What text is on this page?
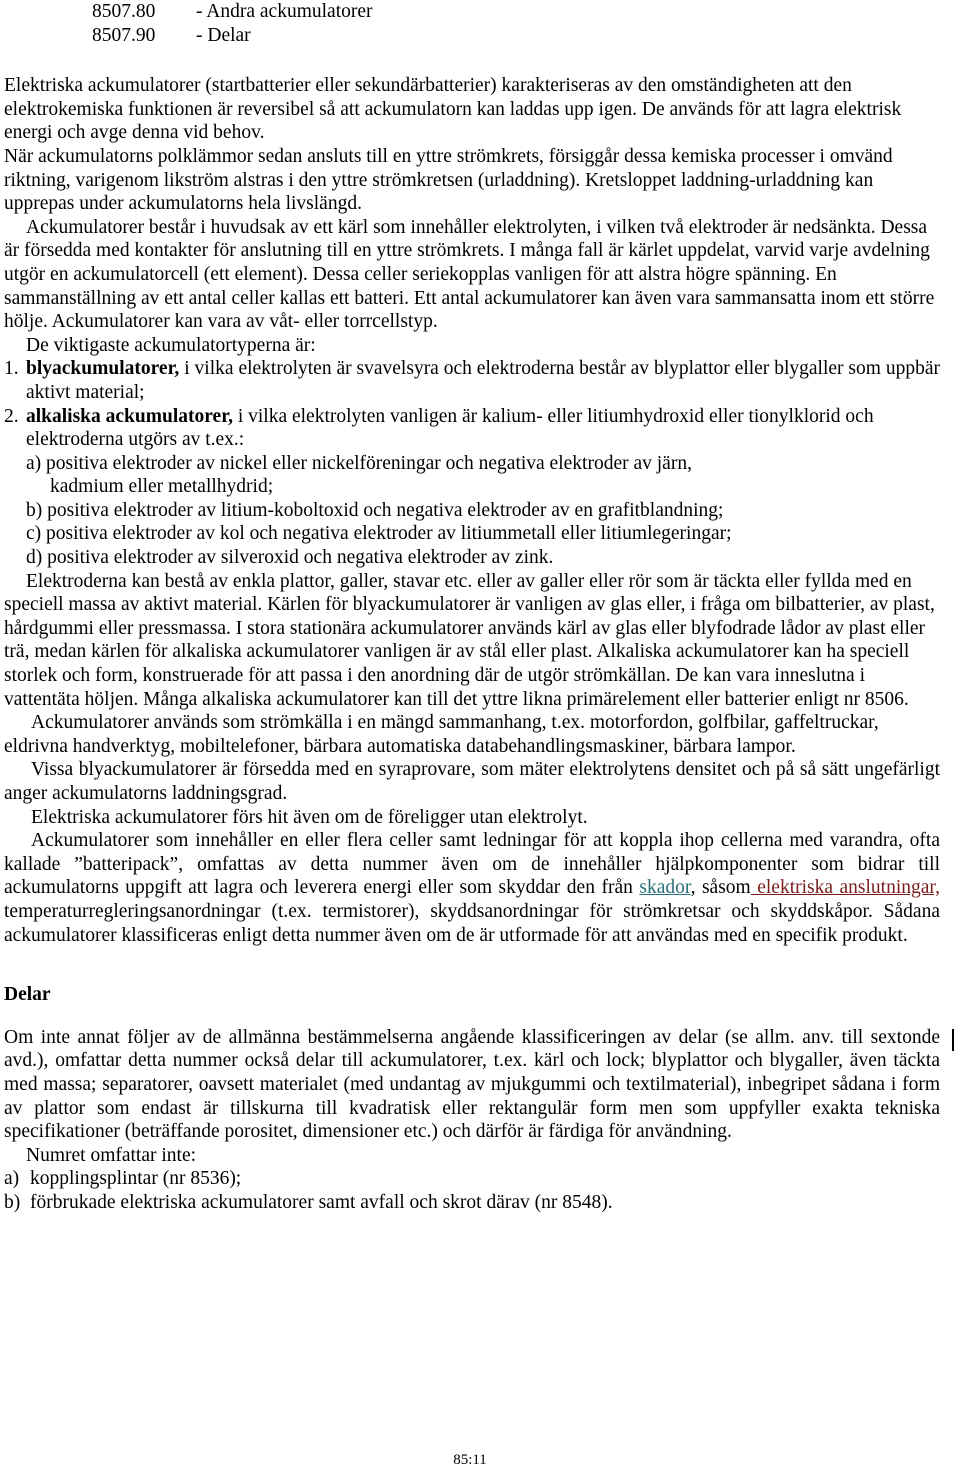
8507.80	- Andra ackumulatorer
8507.90	- Delar

Elektriska ackumulatorer (startbatterier eller sekundärbatterier) karakteriseras av den omständigheten att den elektrokemiska funktionen är reversibel så att ackumulatorn kan laddas upp igen. De används för att lagra elektrisk energi och avge denna vid behov.

När ackumulatorns polklämmor sedan ansluts till en yttre strömkrets, försiggår dessa kemiska processer i omvänd riktning, varigenom likström alstras i den yttre strömkretsen (urladdning). Kretsloppet laddning-urladdning kan upprepas under ackumulatorns hela livslängd.

Ackumulatorer består i huvudsak av ett kärl som innehåller elektrolyten, i vilken två elektroder är nedsänkta. Dessa är försedda med kontakter för anslutning till en yttre strömkrets. I många fall är kärlet uppdelat, varvid varje avdelning utgör en ackumulatorcell (ett element). Dessa celler seriekopplas vanligen för att alstra högre spänning. En sammanställning av ett antal celler kallas ett batteri. Ett antal ackumulatorer kan även vara sammansatta inom ett större hölje. Ackumulatorer kan vara av våt- eller torrcellstyp.

De viktigaste ackumulatortyperna är:

1. blyackumulatorer, i vilka elektrolyten är svavelsyra och elektroderna består av blyplattor eller blygaller som uppbär aktivt material;
2. alkaliska ackumulatorer, i vilka elektrolyten vanligen är kalium- eller litiumhydroxid eller tionylklorid och elektroderna utgörs av t.ex.:
a) positiva elektroder av nickel eller nickelföreningar och negativa elektroder av järn,
kadmium eller metallhydrid;
b) positiva elektroder av litium-koboltoxid och negativa elektroder av en grafitblandning;
c) positiva elektroder av kol och negativa elektroder av litiummetall eller litiumlegeringar;
d) positiva elektroder av silveroxid och negativa elektroder av zink.

Elektroderna kan bestå av enkla plattor, galler, stavar etc. eller av galler eller rör som är täckta eller fyllda med en speciell massa av aktivt material. Kärlen för blyackumulatorer är vanligen av glas eller, i fråga om bilbatterier, av plast, hårdgummi eller pressmassa. I stora stationära ackumulatorer används kärl av glas eller blyfodrade lådor av plast eller trä, medan kärlen för alkaliska ackumulatorer vanligen är av stål eller plast. Alkaliska ackumulatorer kan ha speciell storlek och form, konstruerade för att passa i den anordning där de utgör strömkällan. De kan vara inneslutna i vattentäta höljen. Många alkaliska ackumulatorer kan till det yttre likna primärelement eller batterier enligt nr 8506.

Ackumulatorer används som strömkälla i en mängd sammanhang, t.ex. motorfordon, golfbilar, gaffeltruckar, eldrivna handverktyg, mobiltelefoner, bärbara automatiska databehandlingsmaskiner, bärbara lampor.

Vissa blyackumulatorer är försedda med en syraprovare, som mäter elektrolytens densitet och på så sätt ungefärligt anger ackumulatorns laddningsgrad.

Elektriska ackumulatorer förs hit även om de föreligger utan elektrolyt.

Ackumulatorer som innehåller en eller flera celler samt ledningar för att koppla ihop cellerna med varandra, ofta kallade ”batteripack”, omfattas av detta nummer även om de innehåller hjälpkomponenter som bidrar till ackumulatorns uppgift att lagra och leverera energi eller som skyddar den från skador, såsom elektriska anslutningar, temperaturregleringsanordningar (t.ex. termistorer), skyddsanordningar för strömkretsar och skyddskåpor. Sådana ackumulatorer klassificeras enligt detta nummer även om de är utformade för att användas med en specifik produkt.

Delar

Om inte annat följer av de allmänna bestämmelserna angående klassificeringen av delar (se allm. anv. till sextonde avd.), omfattar detta nummer också delar till ackumulatorer, t.ex. kärl och lock; blyplattor och blygaller, även täckta med massa; separatorer, oavsett materialet (med undantag av mjukgummi och textilmaterial), inbegripet sådana i form av plattor som endast är tillskurna till kvadratisk eller rektangulär form men som uppfyller exakta tekniska specifikationer (beträffande porositet, dimensioner etc.) och därför är färdiga för användning.

Numret omfattar inte:

a) kopplingsplintar (nr 8536);
b) förbrukade elektriska ackumulatorer samt avfall och skrot därav (nr 8548).
85:11
